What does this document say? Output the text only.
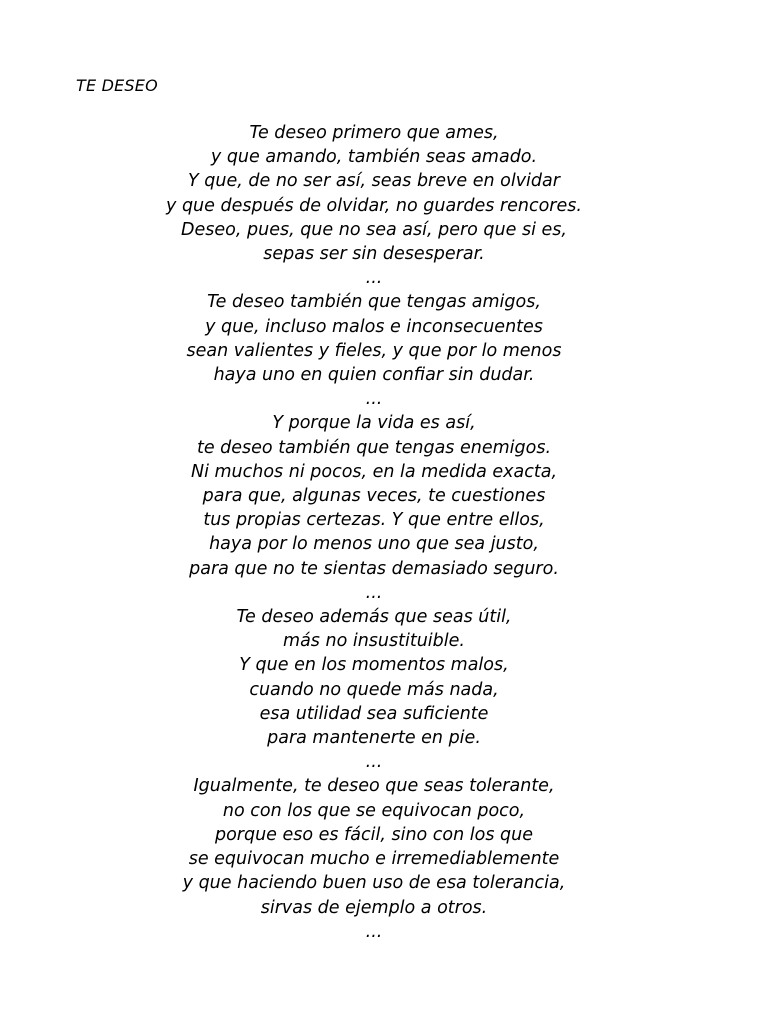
TE DESEO
Te deseo primero que ames,
y que amando, también seas amado.
Y que, de no ser así, seas breve en olvidar
y que después de olvidar, no guardes rencores.
Deseo, pues, que no sea así, pero que si es,
sepas ser sin desesperar.
...
Te deseo también que tengas amigos,
y que, incluso malos e inconsecuentes
sean valientes y fieles, y que por lo menos
haya uno en quien confiar sin dudar.
...
Y porque la vida es así,
te deseo también que tengas enemigos.
Ni muchos ni pocos, en la medida exacta,
para que, algunas veces, te cuestiones
tus propias certezas. Y que entre ellos,
haya por lo menos uno que sea justo,
para que no te sientas demasiado seguro.
...
Te deseo además que seas útil,
más no insustituible.
Y que en los momentos malos,
cuando no quede más nada,
esa utilidad sea suficiente
para mantenerte en pie.
...
Igualmente, te deseo que seas tolerante,
no con los que se equivocan poco,
porque eso es fácil, sino con los que
se equivocan mucho e irremediablemente
y que haciendo buen uso de esa tolerancia,
sirvas de ejemplo a otros.
...
